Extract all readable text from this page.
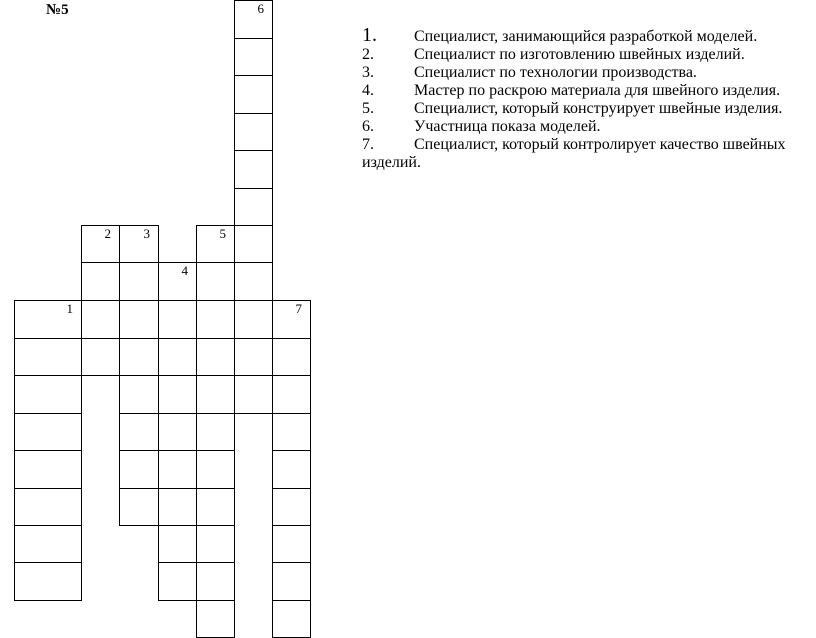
№5	6
2	3	5
4
1	7

1. Специалист, занимающийся разработкой моделей.

2.	Специалист по изготовлению швейных изделий.

3.	Специалист по технологии производства.

4.	Мастер по раскрою материала для швейного изделия.

5.	Специалист, который конструирует швейные изделия.

6.	Участница показа моделей.

7.	Специалист, который контролирует качество швейных изделий.
